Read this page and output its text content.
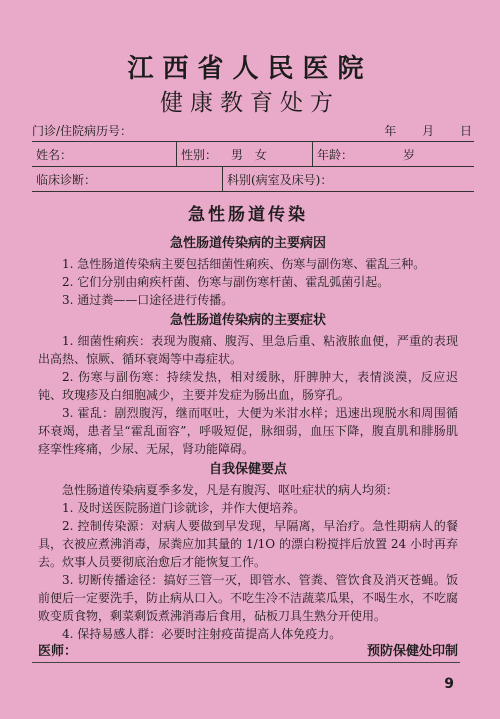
江西省人民医院
健康教育处方
门诊/住院病历号：	年 月 日
姓名：	性别： 男 女	年龄：	岁
临床诊断：	科别(病室及床号)：
急性肠道传染
急性肠道传染病的主要病因

1. 急性肠道传染病主要包括细菌性痢疾、伤寒与副伤寒、霍乱三种。

2. 它们分别由痢疾杆菌、伤寒与副伤寒杆菌、霍乱弧菌引起。

3. 通过粪——口途径进行传播。

急性肠道传染病的主要症状

1. 细菌性痢疾：表现为腹痛、腹泻、里急后重、粘液脓血便，严重的表现出高热、惊厥、循环衰竭等中毒症状。

2. 伤寒与副伤寒：持续发热，相对缓脉，肝脾肿大，表情淡漠，反应迟钝、玫瑰疹及白细胞减少，主要并发症为肠出血，肠穿孔。

3. 霍乱：剧烈腹泻，继而呕吐，大便为米泔水样；迅速出现脱水和周围循环衰竭，患者呈“霍乱面容”，呼吸短促，脉细弱，血压下降，腹直肌和腓肠肌痉挛性疼痛，少尿、无尿，肾功能障碍。

自我保健要点

急性肠道传染病夏季多发，凡是有腹泻、呕吐症状的病人均须：

1. 及时送医院肠道门诊就诊，并作大便培养。

2. 控制传染源：对病人要做到早发现，早隔离，早治疗。急性期病人的餐具，衣被应煮沸消毒，尿粪应加其量的 1/1O 的漂白粉搅拌后放置 24 小时再弃去。炊事人员要彻底治愈后才能恢复工作。

3. 切断传播途径：搞好三管一灭，即管水、管粪、管饮食及消灭苍蝇。饭前便后一定要洗手，防止病从口入。不吃生冷不洁蔬菜瓜果，不喝生水，不吃腐败变质食物，剩菜剩饭煮沸消毒后食用，砧板刀具生熟分开使用。

4. 保持易感人群：必要时注射疫苗提高人体免疫力。

医师：	预防保健处印制
9
